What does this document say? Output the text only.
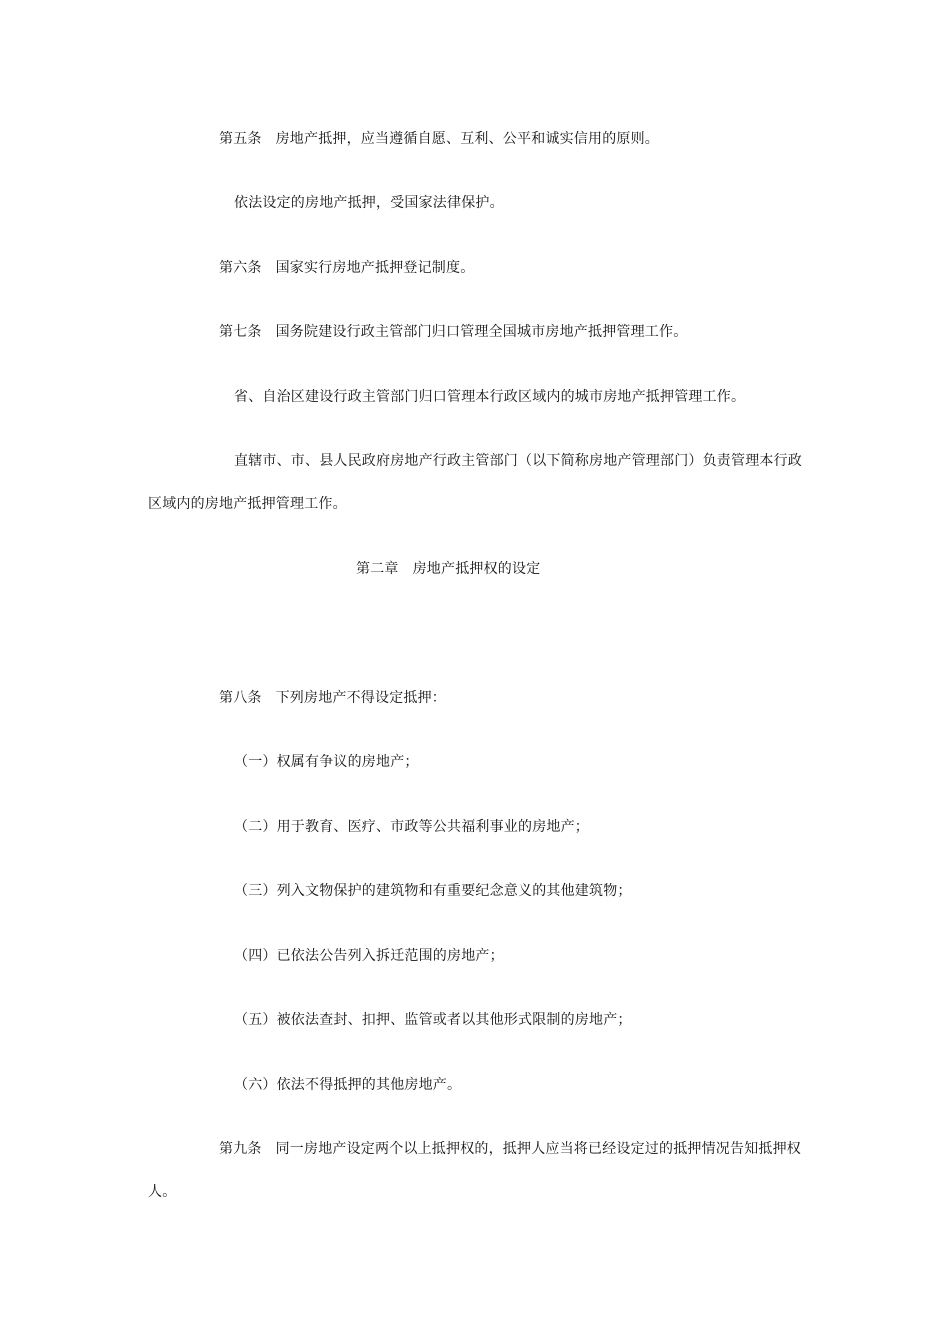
第五条 房地产抵押，应当遵循自愿、互利、公平和诚实信用的原则。
依法设定的房地产抵押，受国家法律保护。
第六条 国家实行房地产抵押登记制度。
第七条 国务院建设行政主管部门归口管理全国城市房地产抵押管理工作。
省、自治区建设行政主管部门归口管理本行政区域内的城市房地产抵押管理工作。
直辖市、市、县人民政府房地产行政主管部门（以下简称房地产管理部门）负责管理本行政
区域内的房地产抵押管理工作。
第二章 房地产抵押权的设定
第八条 下列房地产不得设定抵押：
（一）权属有争议的房地产；
（二）用于教育、医疗、市政等公共福利事业的房地产；
（三）列入文物保护的建筑物和有重要纪念意义的其他建筑物；
（四）已依法公告列入拆迁范围的房地产；
（五）被依法查封、扣押、监管或者以其他形式限制的房地产；
（六）依法不得抵押的其他房地产。
第九条 同一房地产设定两个以上抵押权的，抵押人应当将已经设定过的抵押情况告知抵押权
人。
